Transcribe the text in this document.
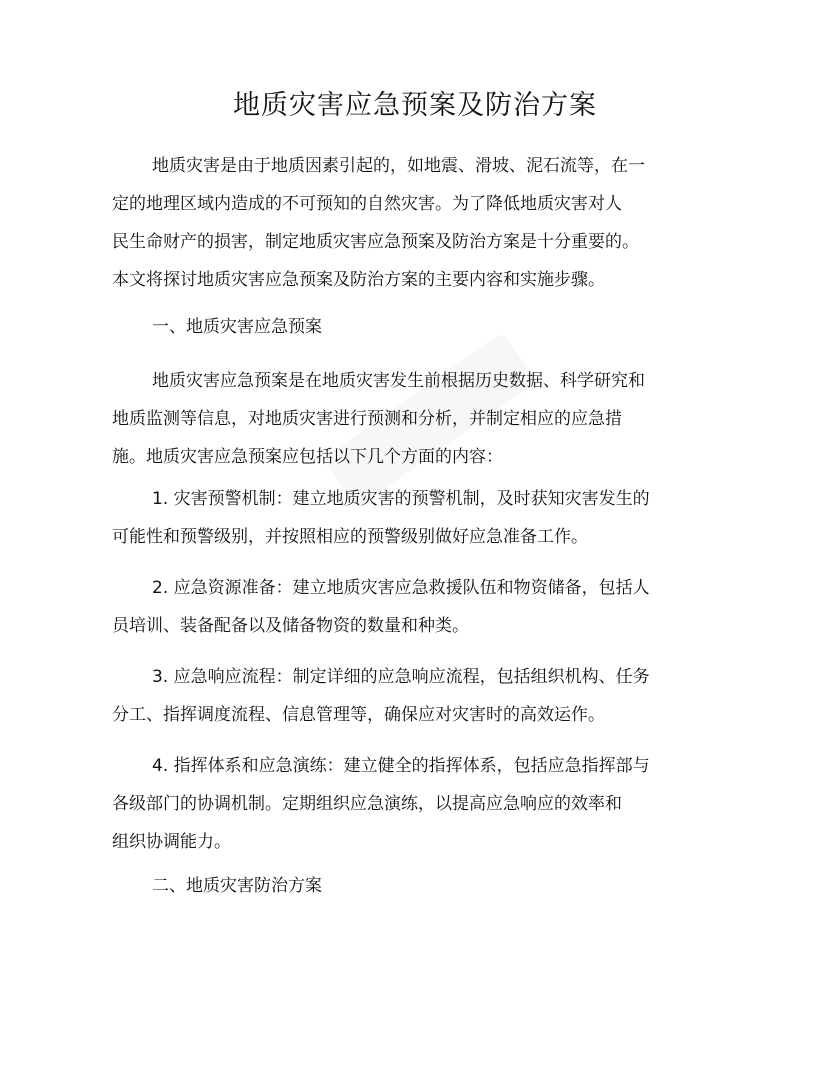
地质灾害应急预案及防治方案
地质灾害是由于地质因素引起的，如地震、滑坡、泥石流等，在一
定的地理区域内造成的不可预知的自然灾害。为了降低地质灾害对人
民生命财产的损害，制定地质灾害应急预案及防治方案是十分重要的。
本文将探讨地质灾害应急预案及防治方案的主要内容和实施步骤。
一、地质灾害应急预案
地质灾害应急预案是在地质灾害发生前根据历史数据、科学研究和
地质监测等信息，对地质灾害进行预测和分析，并制定相应的应急措
施。地质灾害应急预案应包括以下几个方面的内容：
1. 灾害预警机制：建立地质灾害的预警机制，及时获知灾害发生的
可能性和预警级别，并按照相应的预警级别做好应急准备工作。
2. 应急资源准备：建立地质灾害应急救援队伍和物资储备，包括人
员培训、装备配备以及储备物资的数量和种类。
3. 应急响应流程：制定详细的应急响应流程，包括组织机构、任务
分工、指挥调度流程、信息管理等，确保应对灾害时的高效运作。
4. 指挥体系和应急演练：建立健全的指挥体系，包括应急指挥部与
各级部门的协调机制。定期组织应急演练，以提高应急响应的效率和
组织协调能力。
二、地质灾害防治方案
